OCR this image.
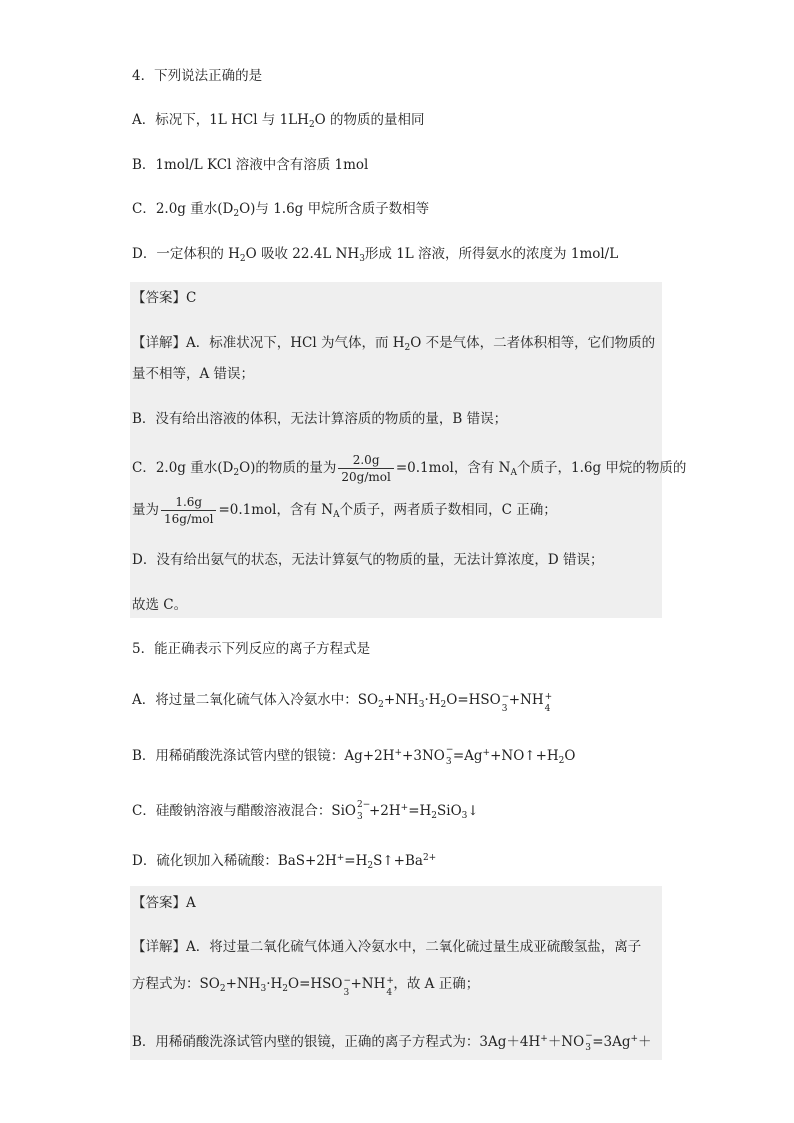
4．下列说法正确的是
A．标况下，1L HCl 与 $1LH_2O$ 的物质的量相同
B．1mol/L KCl 溶液中含有溶质 1mol
C．2.0g 重水$(D_2O)$与 1.6g 甲烷所含质子数相等
D．一定体积的 $H_2O$ 吸收 22.4L $NH_3$形成 1L 溶液，所得氨水的浓度为 1mol/L
【答案】C
【详解】A．标准状况下，HCl 为气体，而 $H_2O$ 不是气体，二者体积相等，它们物质的
量不相等，A 错误；
B．没有给出溶液的体积，无法计算溶质的物质的量，B 错误；
C．2.0g 重水$(D_2O)$的物质的量为 $\frac{2.0g}{\text{20g/mol}} =0.1mol$，含有 $N_A$个质子，1.6g 甲烷的物质的
量为 $\frac{1.6g}{\text{16g/mol}} =0.1mol$，含有 $N_A$个质子，两者质子数相同，C 正确；
D．没有给出氨气的状态，无法计算氨气的物质的量，无法计算浓度，D 错误；
故选 C。
5．能正确表示下列反应的离子方程式是
A．将过量二氧化硫气体入冷氨水中：$SO_2+NH_3\cdot H_2O=HSO$ −
3
+NH +
4
B．用稀硝酸洗涤试管内壁的银镜：Ag+2H++3NO −
$3 =Ag^++NO↑+H_2O$
C．硅酸钠溶液与醋酸溶液混合：SiO 2−
$3 +2H^+=H_2SiO_3↓$
D．硫化钡加入稀硫酸：$BaS+2H^+=H_2S↑+Ba^{2+}$
【答案】A
【详解】A．将过量二氧化硫气体通入冷氨水中，二氧化硫过量生成亚硫酸氢盐，离子
方程式为：$SO_2+NH_3\cdot H_2O=HSO$ −
3
+NH +
4
，故 A 正确；
B．用稀硝酸洗涤试管内壁的银镜，正确的离子方程式为：3Ag＋4H+＋NO −
3 =3Ag+＋
